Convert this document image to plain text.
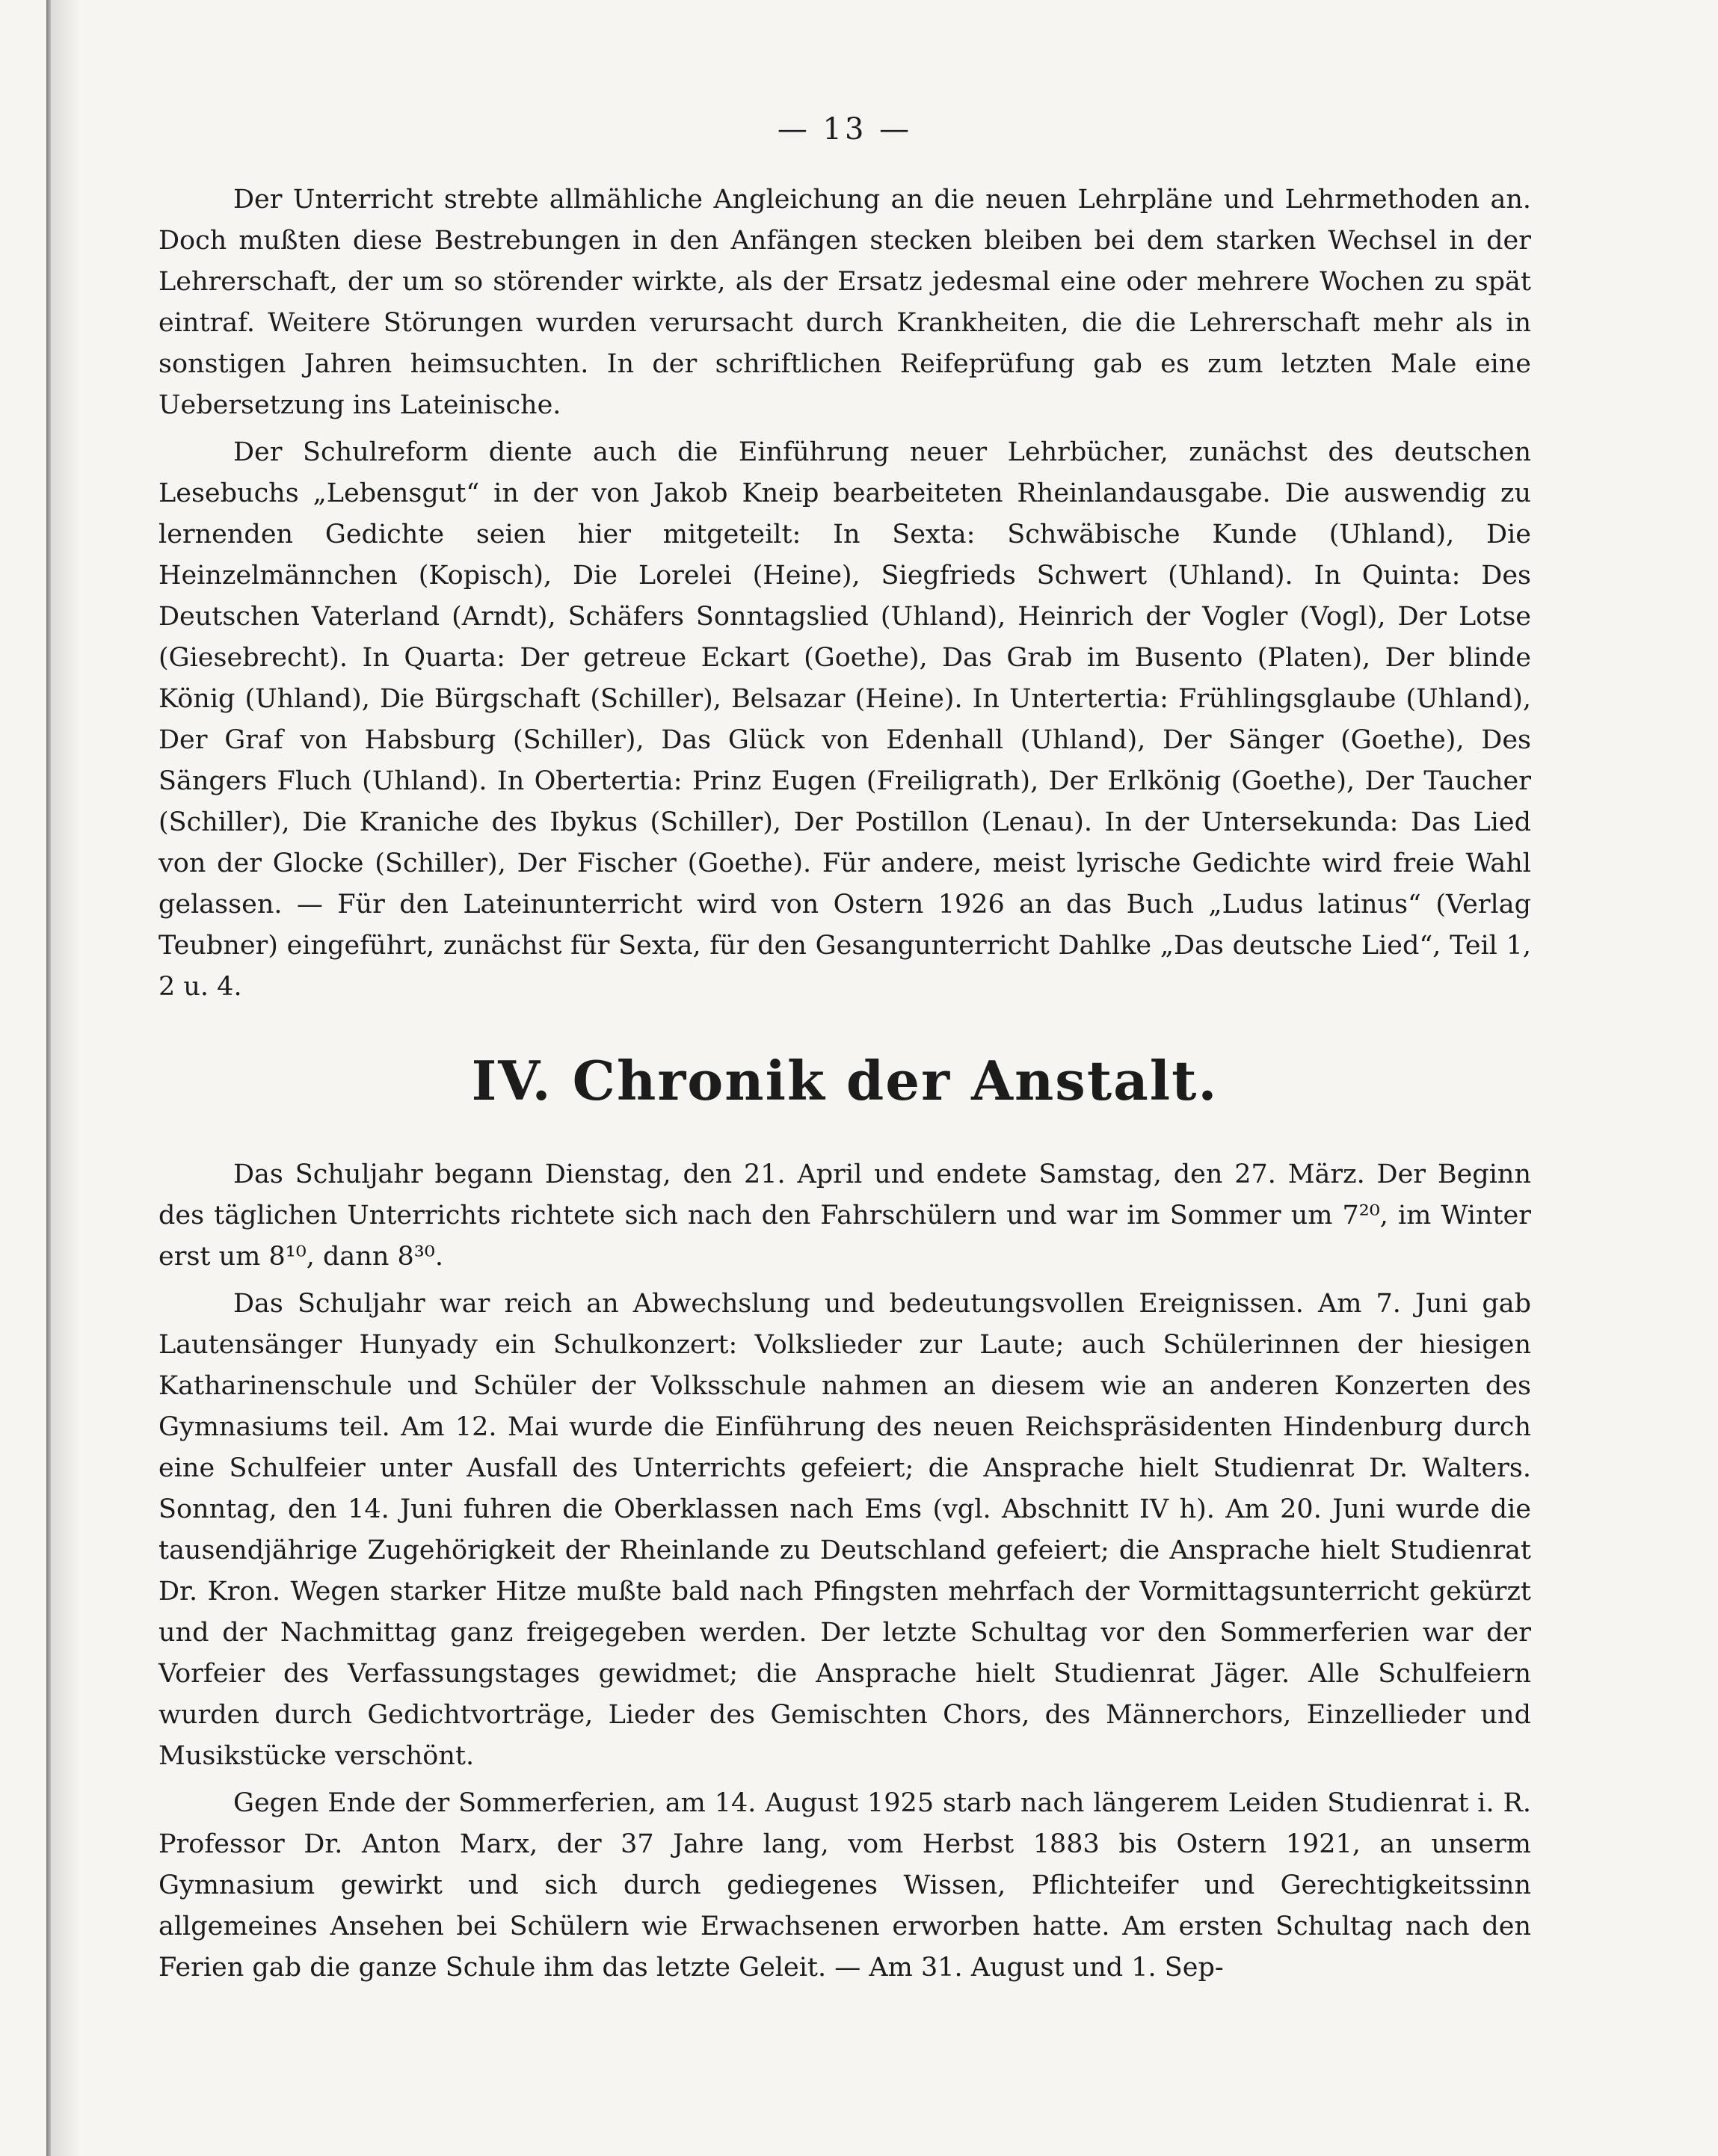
— 13 —

Der Unterricht strebte allmähliche Angleichung an die neuen Lehrpläne und Lehrmethoden an. Doch mußten diese Bestrebungen in den Anfängen stecken bleiben bei dem starken Wechsel in der Lehrerschaft, der um so störender wirkte, als der Ersatz jedesmal eine oder mehrere Wochen zu spät eintraf. Weitere Störungen wurden verursacht durch Krankheiten, die die Lehrerschaft mehr als in sonstigen Jahren heimsuchten. In der schriftlichen Reifeprüfung gab es zum letzten Male eine Uebersetzung ins Lateinische.

Der Schulreform diente auch die Einführung neuer Lehrbücher, zunächst des deutschen Lesebuchs „Lebensgut“ in der von Jakob Kneip bearbeiteten Rheinlandausgabe. Die auswendig zu lernenden Gedichte seien hier mitgeteilt: In Sexta: Schwäbische Kunde (Uhland), Die Heinzelmännchen (Kopisch), Die Lorelei (Heine), Siegfrieds Schwert (Uhland). In Quinta: Des Deutschen Vaterland (Arndt), Schäfers Sonntagslied (Uhland), Heinrich der Vogler (Vogl), Der Lotse (Giesebrecht). In Quarta: Der getreue Eckart (Goethe), Das Grab im Busento (Platen), Der blinde König (Uhland), Die Bürgschaft (Schiller), Belsazar (Heine). In Untertertia: Frühlingsglaube (Uhland), Der Graf von Habsburg (Schiller), Das Glück von Edenhall (Uhland), Der Sänger (Goethe), Des Sängers Fluch (Uhland). In Obertertia: Prinz Eugen (Freiligrath), Der Erlkönig (Goethe), Der Taucher (Schiller), Die Kraniche des Ibykus (Schiller), Der Postillon (Lenau). In der Untersekunda: Das Lied von der Glocke (Schiller), Der Fischer (Goethe). Für andere, meist lyrische Gedichte wird freie Wahl gelassen. — Für den Lateinunterricht wird von Ostern 1926 an das Buch „Ludus latinus“ (Verlag Teubner) eingeführt, zunächst für Sexta, für den Gesangunterricht Dahlke „Das deutsche Lied“, Teil 1, 2 u. 4.

IV. Chronik der Anstalt.

Das Schuljahr begann Dienstag, den 21. April und endete Samstag, den 27. März. Der Beginn des täglichen Unterrichts richtete sich nach den Fahrschülern und war im Sommer um 7²⁰, im Winter erst um 8¹⁰, dann 8³⁰.

Das Schuljahr war reich an Abwechslung und bedeutungsvollen Ereignissen. Am 7. Juni gab Lautensänger Hunyady ein Schulkonzert: Volkslieder zur Laute; auch Schülerinnen der hiesigen Katharinenschule und Schüler der Volksschule nahmen an diesem wie an anderen Konzerten des Gymnasiums teil. Am 12. Mai wurde die Einführung des neuen Reichspräsidenten Hindenburg durch eine Schulfeier unter Ausfall des Unterrichts gefeiert; die Ansprache hielt Studienrat Dr. Walters. Sonntag, den 14. Juni fuhren die Oberklassen nach Ems (vgl. Abschnitt IV h). Am 20. Juni wurde die tausendjährige Zugehörigkeit der Rheinlande zu Deutschland gefeiert; die Ansprache hielt Studienrat Dr. Kron. Wegen starker Hitze mußte bald nach Pfingsten mehrfach der Vormittagsunterricht gekürzt und der Nachmittag ganz freigegeben werden. Der letzte Schultag vor den Sommerferien war der Vorfeier des Verfassungstages gewidmet; die Ansprache hielt Studienrat Jäger. Alle Schulfeiern wurden durch Gedichtvorträge, Lieder des Gemischten Chors, des Männerchors, Einzellieder und Musikstücke verschönt.

Gegen Ende der Sommerferien, am 14. August 1925 starb nach längerem Leiden Studienrat i. R. Professor Dr. Anton Marx, der 37 Jahre lang, vom Herbst 1883 bis Ostern 1921, an unserm Gymnasium gewirkt und sich durch gediegenes Wissen, Pflichteifer und Gerechtigkeitssinn allgemeines Ansehen bei Schülern wie Erwachsenen erworben hatte. Am ersten Schultag nach den Ferien gab die ganze Schule ihm das letzte Geleit. — Am 31. August und 1. Sep-
